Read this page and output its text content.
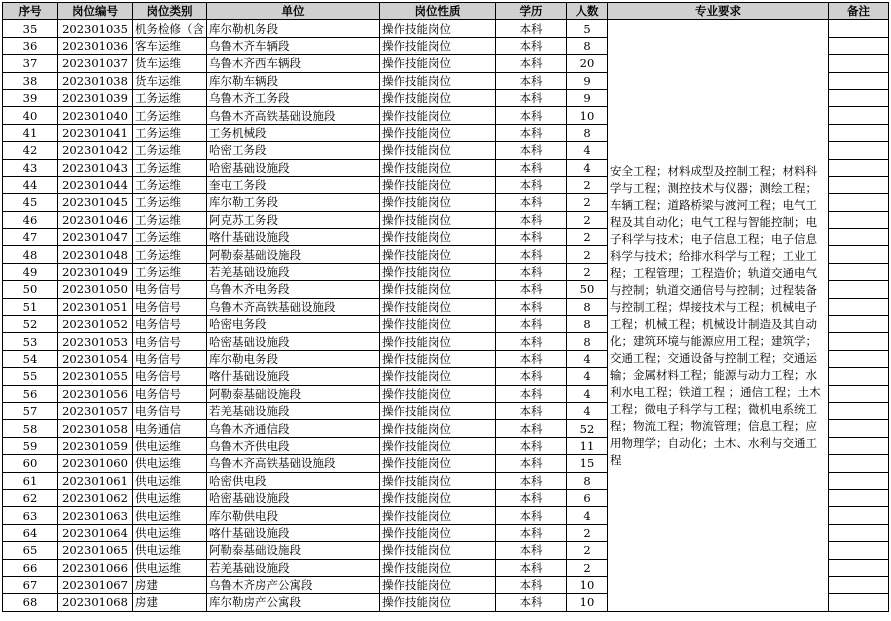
序号	岗位编号	岗位类别	单位	岗位性质	学历	人数	专业要求	备注
35	202301035	机务检修（含	库尔勒机务段	操作技能岗位	本科	5	安全工程；材料成型及控制工程；材料科学与工程；测控技术与仪器；测绘工程；车辆工程；道路桥梁与渡河工程；电气工程及其自动化；电气工程与智能控制；电子科学与技术；电子信息工程；电子信息科学与技术；给排水科学与工程；工业工程；工程管理；工程造价；轨道交通电气与控制；轨道交通信号与控制；过程装备与控制工程；焊接技术与工程；机械电子工程；机械工程；机械设计制造及其自动化；建筑环境与能源应用工程；建筑学；交通工程；交通设备与控制工程；交通运输；金属材料工程；能源与动力工程；水利水电工程；铁道工程 ；通信工程；土木工程；微电子科学与工程；微机电系统工程；物流工程；物流管理；信息工程；应用物理学；自动化；土木、水利与交通工程	
36	202301036	客车运维	乌鲁木齐车辆段	操作技能岗位	本科	8		
37	202301037	货车运维	乌鲁木齐西车辆段	操作技能岗位	本科	20		
38	202301038	货车运维	库尔勒车辆段	操作技能岗位	本科	9		
39	202301039	工务运维	乌鲁木齐工务段	操作技能岗位	本科	9		
40	202301040	工务运维	乌鲁木齐高铁基础设施段	操作技能岗位	本科	10		
41	202301041	工务运维	工务机械段	操作技能岗位	本科	8		
42	202301042	工务运维	哈密工务段	操作技能岗位	本科	4		
43	202301043	工务运维	哈密基础设施段	操作技能岗位	本科	4		
44	202301044	工务运维	奎屯工务段	操作技能岗位	本科	2		
45	202301045	工务运维	库尔勒工务段	操作技能岗位	本科	2		
46	202301046	工务运维	阿克苏工务段	操作技能岗位	本科	2		
47	202301047	工务运维	喀什基础设施段	操作技能岗位	本科	2		
48	202301048	工务运维	阿勒泰基础设施段	操作技能岗位	本科	2		
49	202301049	工务运维	若羌基础设施段	操作技能岗位	本科	2		
50	202301050	电务信号	乌鲁木齐电务段	操作技能岗位	本科	50		
51	202301051	电务信号	乌鲁木齐高铁基础设施段	操作技能岗位	本科	8		
52	202301052	电务信号	哈密电务段	操作技能岗位	本科	8		
53	202301053	电务信号	哈密基础设施段	操作技能岗位	本科	8		
54	202301054	电务信号	库尔勒电务段	操作技能岗位	本科	4		
55	202301055	电务信号	喀什基础设施段	操作技能岗位	本科	4		
56	202301056	电务信号	阿勒泰基础设施段	操作技能岗位	本科	4		
57	202301057	电务信号	若羌基础设施段	操作技能岗位	本科	4		
58	202301058	电务通信	乌鲁木齐通信段	操作技能岗位	本科	52		
59	202301059	供电运维	乌鲁木齐供电段	操作技能岗位	本科	11		
60	202301060	供电运维	乌鲁木齐高铁基础设施段	操作技能岗位	本科	15		
61	202301061	供电运维	哈密供电段	操作技能岗位	本科	8		
62	202301062	供电运维	哈密基础设施段	操作技能岗位	本科	6		
63	202301063	供电运维	库尔勒供电段	操作技能岗位	本科	4		
64	202301064	供电运维	喀什基础设施段	操作技能岗位	本科	2		
65	202301065	供电运维	阿勒泰基础设施段	操作技能岗位	本科	2		
66	202301066	供电运维	若羌基础设施段	操作技能岗位	本科	2		
67	202301067	房建	乌鲁木齐房产公寓段	操作技能岗位	本科	10		
68	202301068	房建	库尔勒房产公寓段	操作技能岗位	本科	10		
